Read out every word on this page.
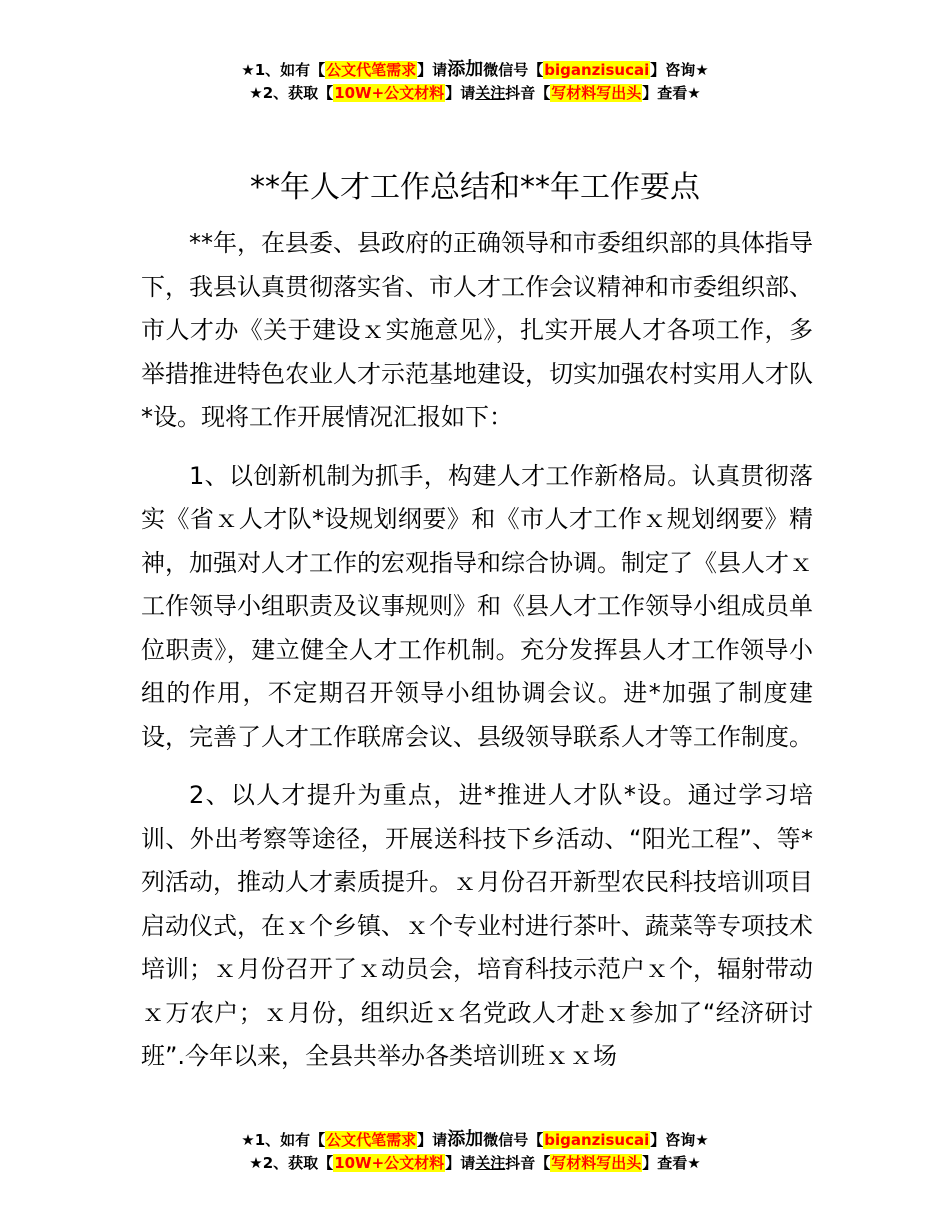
★1、如有【公文代笔需求】请添加微信号【biganzisucai】咨询★
★2、获取【10W+公文材料】请关注抖音【写材料写出头】查看★
**年人才工作总结和**年工作要点

**年，在县委、县政府的正确领导和市委组织部的具体指导下，我县认真贯彻落实省、市人才工作会议精神和市委组织部、市人才办《关于建设ｘ实施意见》，扎实开展人才各项工作，多举措推进特色农业人才示范基地建设，切实加强农村实用人才队*设。现将工作开展情况汇报如下：

1、以创新机制为抓手，构建人才工作新格局。认真贯彻落实《省ｘ人才队*设规划纲要》和《市人才工作ｘ规划纲要》精神，加强对人才工作的宏观指导和综合协调。制定了《县人才ｘ工作领导小组职责及议事规则》和《县人才工作领导小组成员单位职责》，建立健全人才工作机制。充分发挥县人才工作领导小组的作用，不定期召开领导小组协调会议。进*加强了制度建设，完善了人才工作联席会议、县级领导联系人才等工作制度。

2、以人才提升为重点，进*推进人才队*设。通过学习培训、外出考察等途径，开展送科技下乡活动、“阳光工程”、等*列活动，推动人才素质提升。ｘ月份召开新型农民科技培训项目启动仪式，在ｘ个乡镇、ｘ个专业村进行茶叶、蔬菜等专项技术培训；ｘ月份召开了ｘ动员会，培育科技示范户ｘ个，辐射带动ｘ万农户；ｘ月份，组织近ｘ名党政人才赴ｘ参加了“经济研讨班”.今年以来，全县共举办各类培训班ｘｘ场

★1、如有【公文代笔需求】请添加微信号【biganzisucai】咨询★
★2、获取【10W+公文材料】请关注抖音【写材料写出头】查看★
